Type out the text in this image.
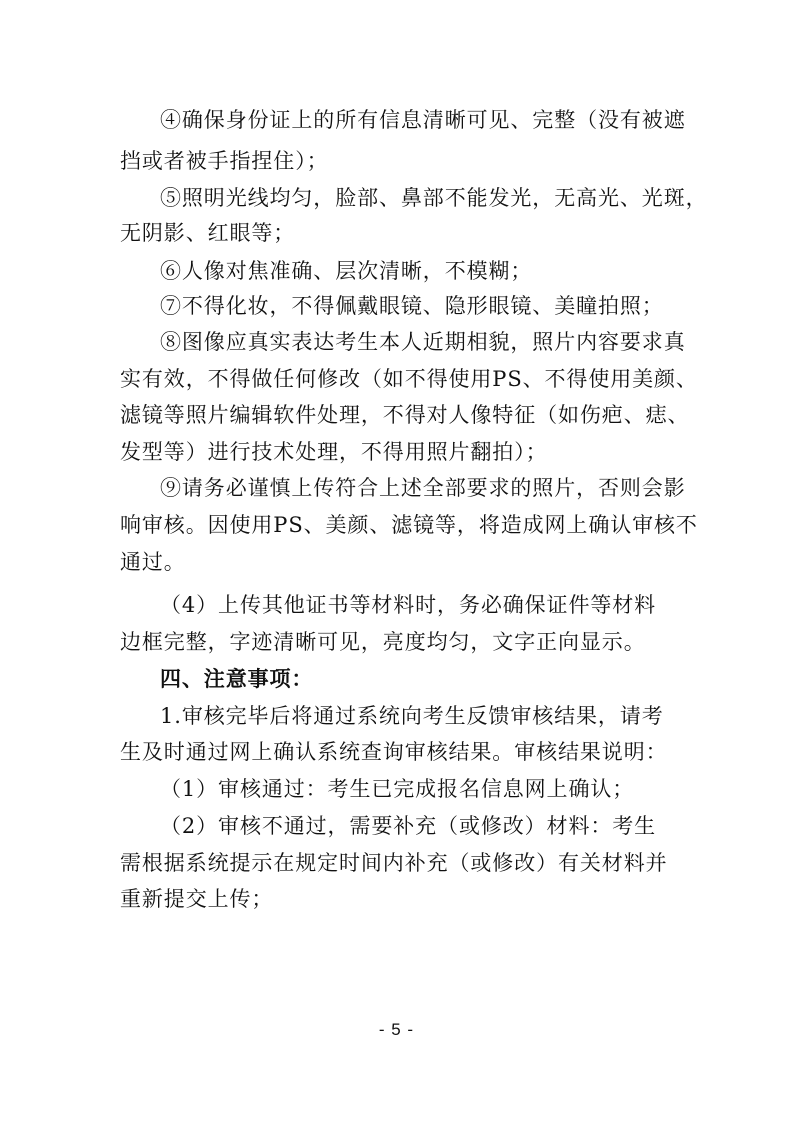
④确保身份证上的所有信息清晰可见、完整（没有被遮
挡或者被手指捏住）；
⑤照明光线均匀，脸部、鼻部不能发光，无高光、光斑，
无阴影、红眼等；
⑥人像对焦准确、层次清晰，不模糊；
⑦不得化妆，不得佩戴眼镜、隐形眼镜、美瞳拍照；
⑧图像应真实表达考生本人近期相貌，照片内容要求真
实有效，不得做任何修改（如不得使用PS、不得使用美颜、
滤镜等照片编辑软件处理，不得对人像特征（如伤疤、痣、
发型等）进行技术处理，不得用照片翻拍）；
⑨请务必谨慎上传符合上述全部要求的照片，否则会影
响审核。因使用PS、美颜、滤镜等，将造成网上确认审核不
通过。
（4）上传其他证书等材料时，务必确保证件等材料
边框完整，字迹清晰可见，亮度均匀，文字正向显示。
四、注意事项：
1.审核完毕后将通过系统向考生反馈审核结果，请考
生及时通过网上确认系统查询审核结果。审核结果说明：
（1）审核通过：考生已完成报名信息网上确认；
（2）审核不通过，需要补充（或修改）材料：考生
需根据系统提示在规定时间内补充（或修改）有关材料并
重新提交上传；
- 5 -
